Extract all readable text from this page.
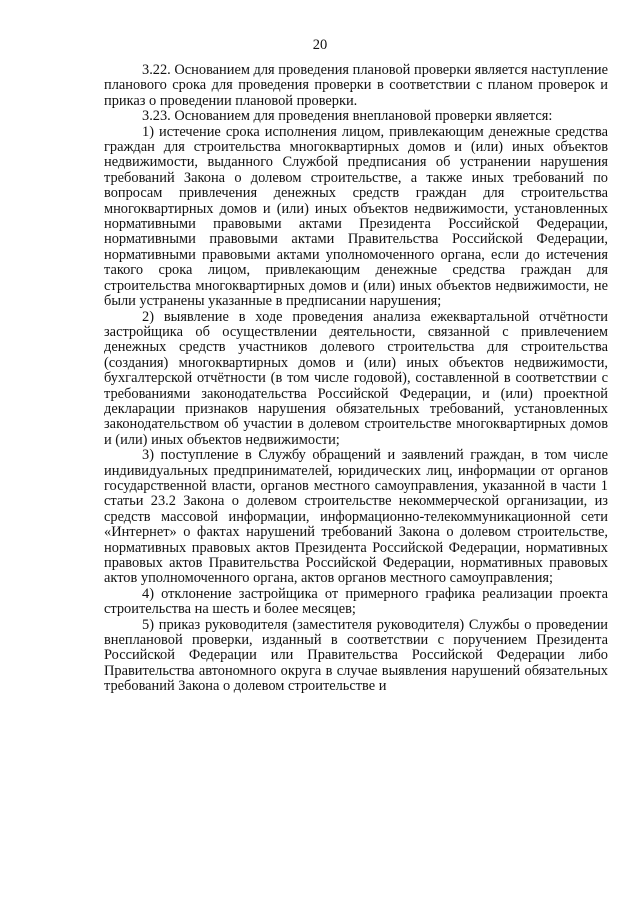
20

3.22. Основанием для проведения плановой проверки является наступление планового срока для проведения проверки в соответствии с планом проверок и приказ о проведении плановой проверки.

3.23. Основанием для проведения внеплановой проверки является:

1) истечение срока исполнения лицом, привлекающим денежные средства граждан для строительства многоквартирных домов и (или) иных объектов недвижимости, выданного Службой предписания об устранении нарушения требований Закона о долевом строительстве, а также иных требований по вопросам привлечения денежных средств граждан для строительства многоквартирных домов и (или) иных объектов недвижимости, установленных нормативными правовыми актами Президента Российской Федерации, нормативными правовыми актами Правительства Российской Федерации, нормативными правовыми актами уполномоченного органа, если до истечения такого срока лицом, привлекающим денежные средства граждан для строительства многоквартирных домов и (или) иных объектов недвижимости, не были устранены указанные в предписании нарушения;

2) выявление в ходе проведения анализа ежеквартальной отчётности застройщика об осуществлении деятельности, связанной с привлечением денежных средств участников долевого строительства для строительства (создания) многоквартирных домов и (или) иных объектов недвижимости, бухгалтерской отчётности (в том числе годовой), составленной в соответствии с требованиями законодательства Российской Федерации, и (или) проектной декларации признаков нарушения обязательных требований, установленных законодательством об участии в долевом строительстве многоквартирных домов и (или) иных объектов недвижимости;

3) поступление в Службу обращений и заявлений граждан, в том числе индивидуальных предпринимателей, юридических лиц, информации от органов государственной власти, органов местного самоуправления, указанной в части 1 статьи 23.2 Закона о долевом строительстве некоммерческой организации, из средств массовой информации, информационно-телекоммуникационной сети «Интернет» о фактах нарушений требований Закона о долевом строительстве, нормативных правовых актов Президента Российской Федерации, нормативных правовых актов Правительства Российской Федерации, нормативных правовых актов уполномоченного органа, актов органов местного самоуправления;

4) отклонение застройщика от примерного графика реализации проекта строительства на шесть и более месяцев;

5) приказ руководителя (заместителя руководителя) Службы о проведении внеплановой проверки, изданный в соответствии с поручением Президента Российской Федерации или Правительства Российской Федерации либо Правительства автономного округа в случае выявления нарушений обязательных требований Закона о долевом строительстве и
